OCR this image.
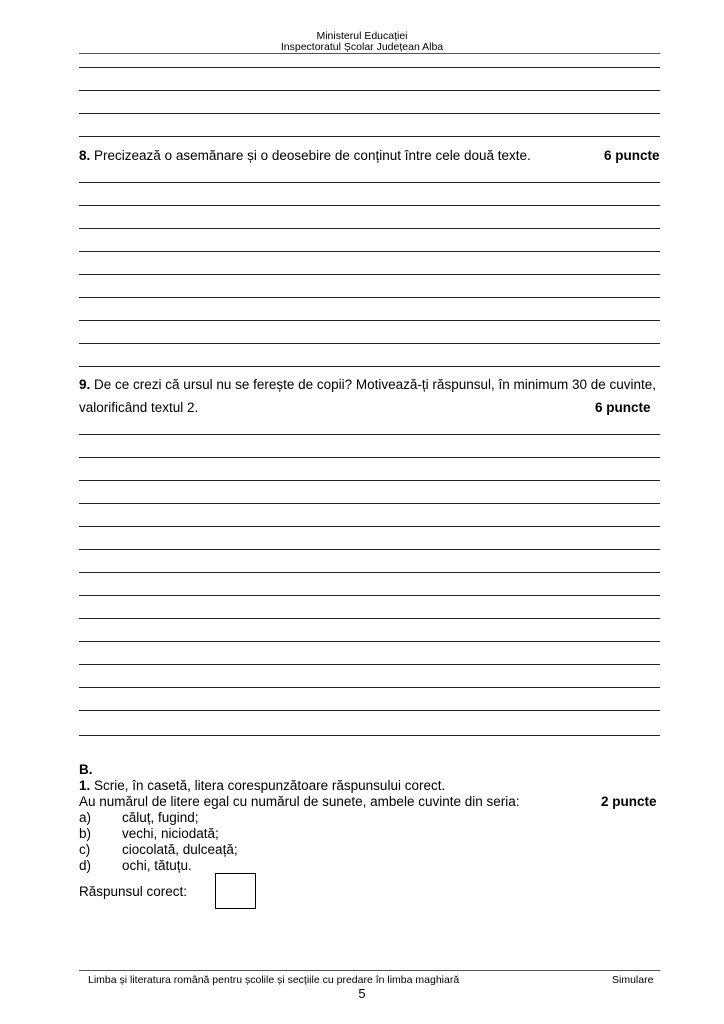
Ministerul Educației
Inspectoratul Școlar Județean Alba
8. Precizează o asemănare și o deosebire de conținut între cele două texte.	6 puncte
9. De ce crezi că ursul nu se ferește de copii? Motivează-ți răspunsul, în minimum 30 de cuvinte,
valorificând textul 2.	6 puncte
B.
1. Scrie, în casetă, litera corespunzătoare răspunsului corect.
Au numărul de litere egal cu numărul de sunete, ambele cuvinte din seria:	2 puncte
a) căluț, fugind;
b) vechi, niciodată;
c) ciocolată, dulceață;
d) ochi, tătuțu.
Răspunsul corect:
Limba și literatura română pentru școlile și secțiile cu predare în limba maghiară	Simulare
5
